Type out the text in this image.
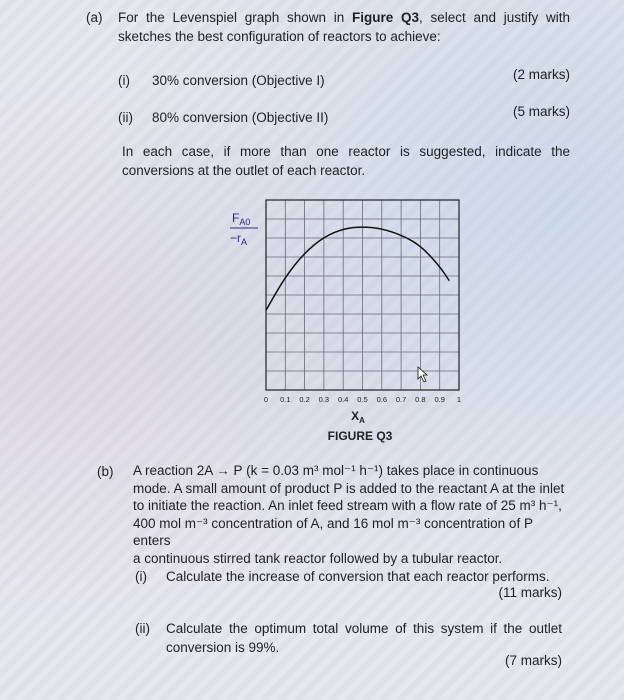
(a) For the Levenspiel graph shown in Figure Q3, select and justify with sketches the best configuration of reactors to achieve:
(i) 30% conversion (Objective I)	(2 marks)
(ii) 80% conversion (Objective II)	(5 marks)
In each case, if more than one reactor is suggested, indicate the conversions at the outlet of each reactor.
$F_{A0}$
$-r_A$
0 0.1 0.2 0.3 0.4 0.5 0.6 0.7 0.8 0.9 1
$X_A$
FIGURE Q3
(b) A reaction 2A → P (k = 0.03 m³ mol⁻¹ h⁻¹) takes place in continuous
mode. A small amount of product P is added to the reactant A at the inlet
to initiate the reaction. An inlet feed stream with a flow rate of 25 m³ h⁻¹,
400 mol m⁻³ concentration of A, and 16 mol m⁻³ concentration of P enters
a continuous stirred tank reactor followed by a tubular reactor.
(i) Calculate the increase of conversion that each reactor performs.
(11 marks)
(ii) Calculate the optimum total volume of this system if the outlet conversion is 99%.
(7 marks)
